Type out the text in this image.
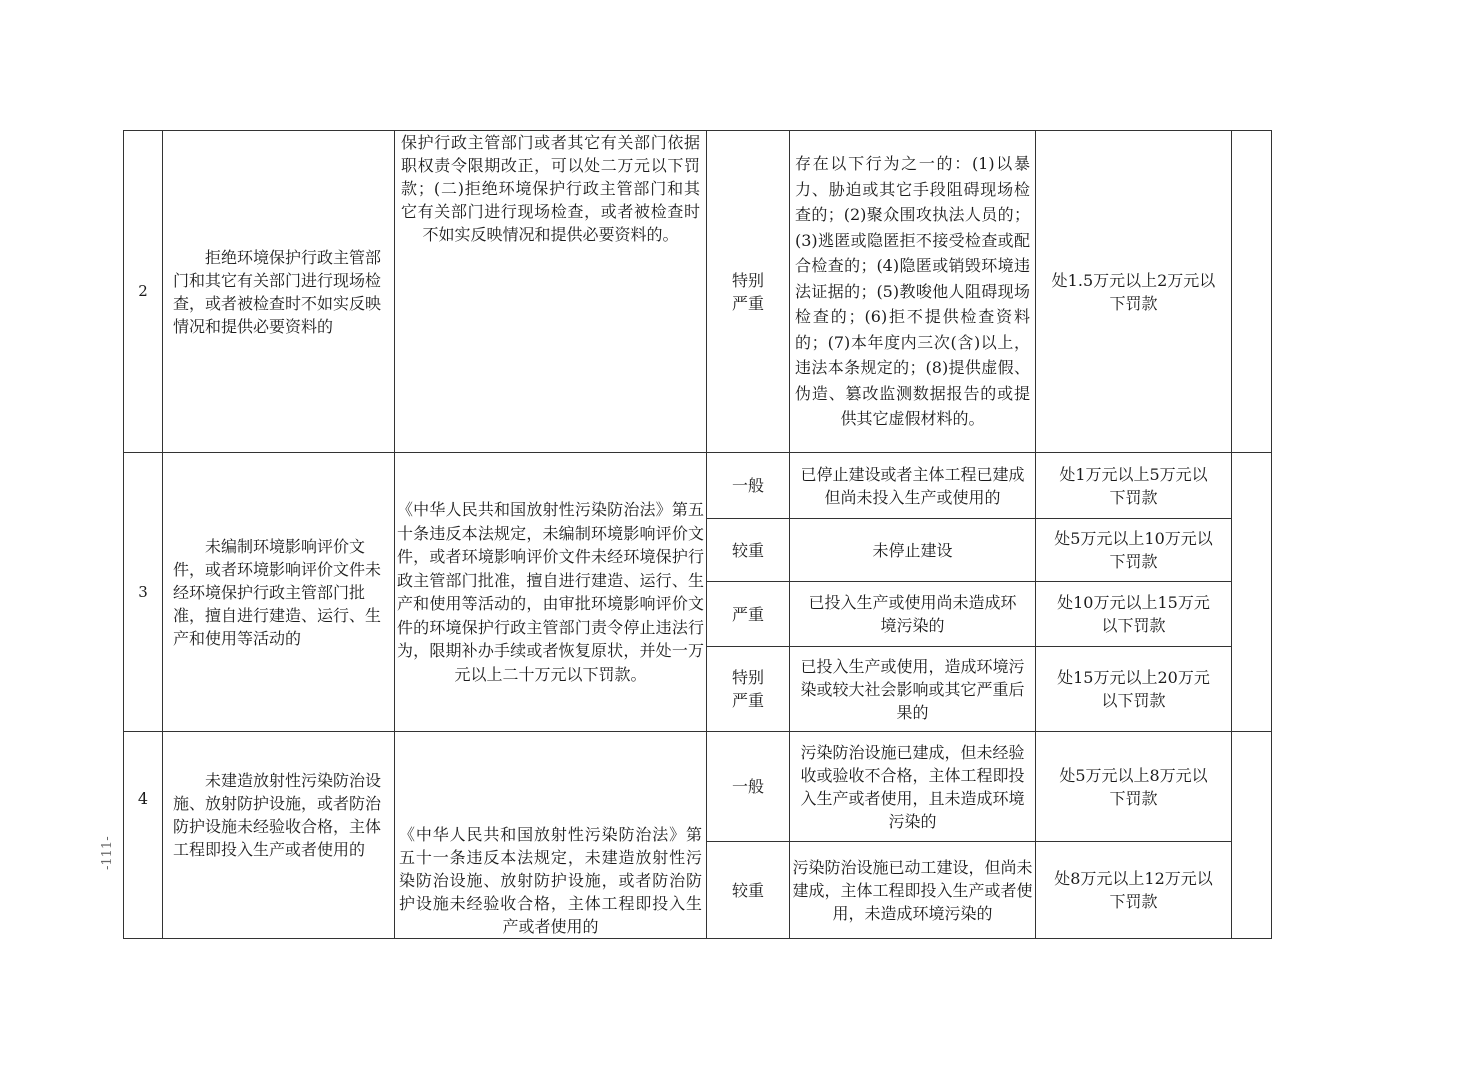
-111-
2	拒绝环境保护行政主管部门和其它有关部门进行现场检查，或者被检查时不如实反映情况和提供必要资料的	保护行政主管部门或者其它有关部门依据职权责令限期改正，可以处二万元以下罚款；(二)拒绝环境保护行政主管部门和其它有关部门进行现场检查，或者被检查时不如实反映情况和提供必要资料的。	特别严重	存在以下行为之一的：(1)以暴力、胁迫或其它手段阻碍现场检查的；(2)聚众围攻执法人员的；(3)逃匿或隐匿拒不接受检查或配合检查的；(4)隐匿或销毁环境违法证据的；(5)教唆他人阻碍现场检查的；(6)拒不提供检查资料的；(7)本年度内三次(含)以上，违法本条规定的；(8)提供虚假、伪造、篡改监测数据报告的或提供其它虚假材料的。	处1.5万元以上2万元以下罚款	
3	未编制环境影响评价文件，或者环境影响评价文件未经环境保护行政主管部门批准，擅自进行建造、运行、生产和使用等活动的	《中华人民共和国放射性污染防治法》第五十条违反本法规定，未编制环境影响评价文件，或者环境影响评价文件未经环境保护行政主管部门批准，擅自进行建造、运行、生产和使用等活动的，由审批环境影响评价文件的环境保护行政主管部门责令停止违法行为，限期补办手续或者恢复原状，并处一万元以上二十万元以下罚款。	一般	已停止建设或者主体工程已建成但尚未投入生产或使用的	处1万元以上5万元以下罚款	
			较重	未停止建设	处5万元以上10万元以下罚款	
			严重	已投入生产或使用尚未造成环境污染的	处10万元以上15万元以下罚款	

			特别严重	已投入生产或使用，造成环境污染或较大社会影响或其它严重后果的	处15万元以上20万元以下罚款	
4	未建造放射性污染防治设施、放射防护设施，或者防治防护设施未经验收合格，主体工程即投入生产或者使用的	《中华人民共和国放射性污染防治法》第五十一条违反本法规定，未建造放射性污染防治设施、放射防护设施，或者防治防护设施未经验收合格，主体工程即投入生产或者使用的	一般	污染防治设施已建成，但未经验收或验收不合格，主体工程即投入生产或者使用，且未造成环境污染的	处5万元以上8万元以下罚款	
			较重	污染防治设施已动工建设，但尚未建成，主体工程即投入生产或者使用，未造成环境污染的	处8万元以上12万元以下罚款	
